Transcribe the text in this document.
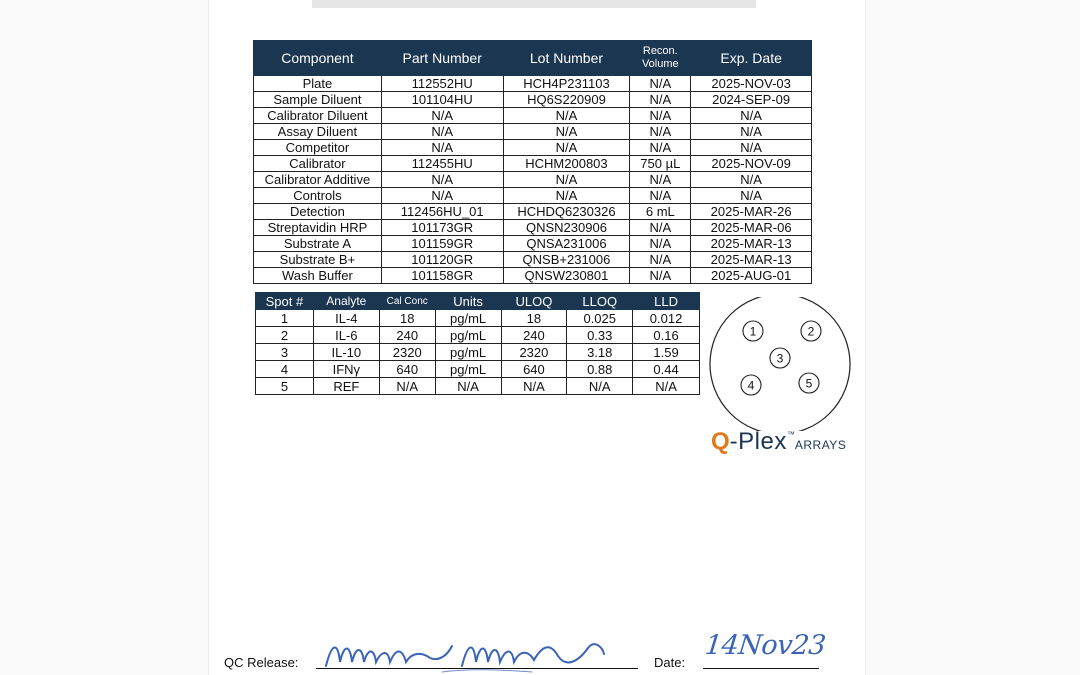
Component	Part Number	Lot Number	Recon. Volume	Exp. Date
Plate	112552HU	HCH4P231103	N/A	2025-NOV-03
Sample Diluent	101104HU	HQ6S220909	N/A	2024-SEP-09
Calibrator Diluent	N/A	N/A	N/A	N/A
Assay Diluent	N/A	N/A	N/A	N/A
Competitor	N/A	N/A	N/A	N/A
Calibrator	112455HU	HCHM200803	750 µL	2025-NOV-09
Calibrator Additive	N/A	N/A	N/A	N/A
Controls	N/A	N/A	N/A	N/A
Detection	112456HU_01	HCHDQ6230326	6 mL	2025-MAR-26
Streptavidin HRP	101173GR	QNSN230906	N/A	2025-MAR-06
Substrate A	101159GR	QNSA231006	N/A	2025-MAR-13
Substrate B+	101120GR	QNSB+231006	N/A	2025-MAR-13
Wash Buffer	101158GR	QNSW230801	N/A	2025-AUG-01
Spot #	Analyte	Cal Conc	Units	ULOQ	LLOQ	LLD
1	IL-4	18	pg/mL	18	0.025	0.012
2	IL-6	240	pg/mL	240	0.33	0.16
3	IL-10	2320	pg/mL	2320	3.18	1.59
4	IFNγ	640	pg/mL	640	0.88	0.44
5	REF	N/A	N/A	N/A	N/A	N/A
1	2
3
4	5
Q-Plex™ARRAYS
QC Release:	Date:
14Nov23
